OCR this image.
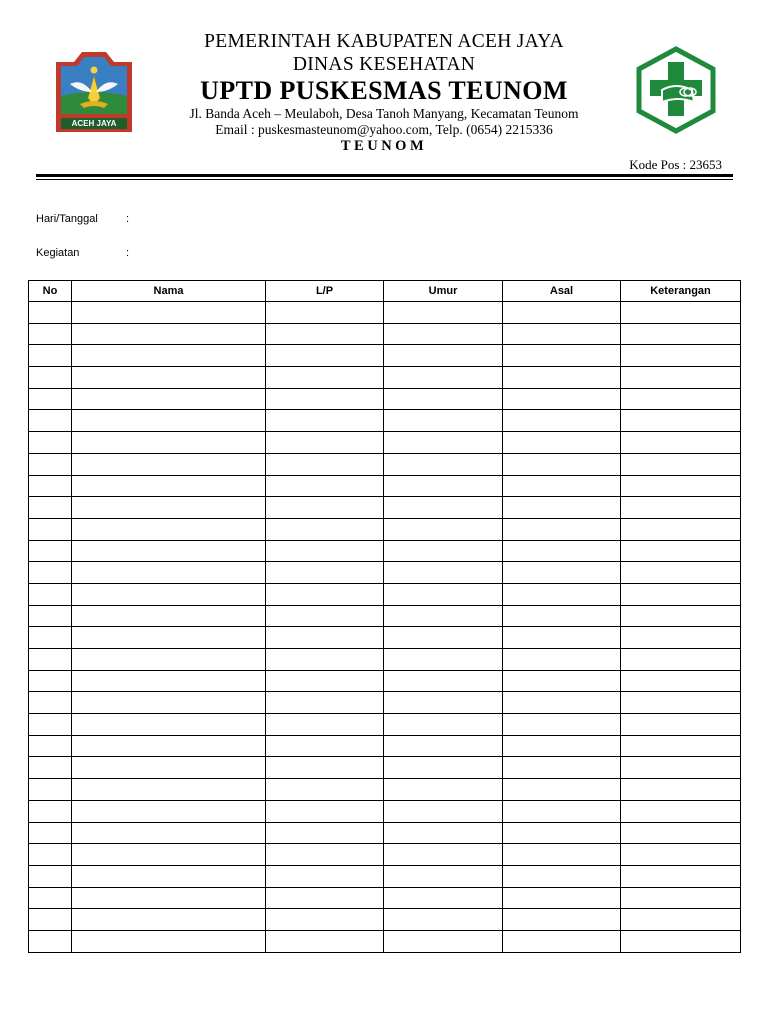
ACEH JAYA
PEMERINTAH KABUPATEN ACEH JAYA
DINAS KESEHATAN
UPTD PUSKESMAS TEUNOM
Jl. Banda Aceh – Meulaboh, Desa Tanoh Manyang, Kecamatan Teunom
Email : puskesmasteunom@yahoo.com, Telp. (0654) 2215336
TEUNOM
Kode Pos : 23653
Hari/Tanggal	:
Kegiatan	:
No	Nama	L/P	Umur	Asal	Keterangan
